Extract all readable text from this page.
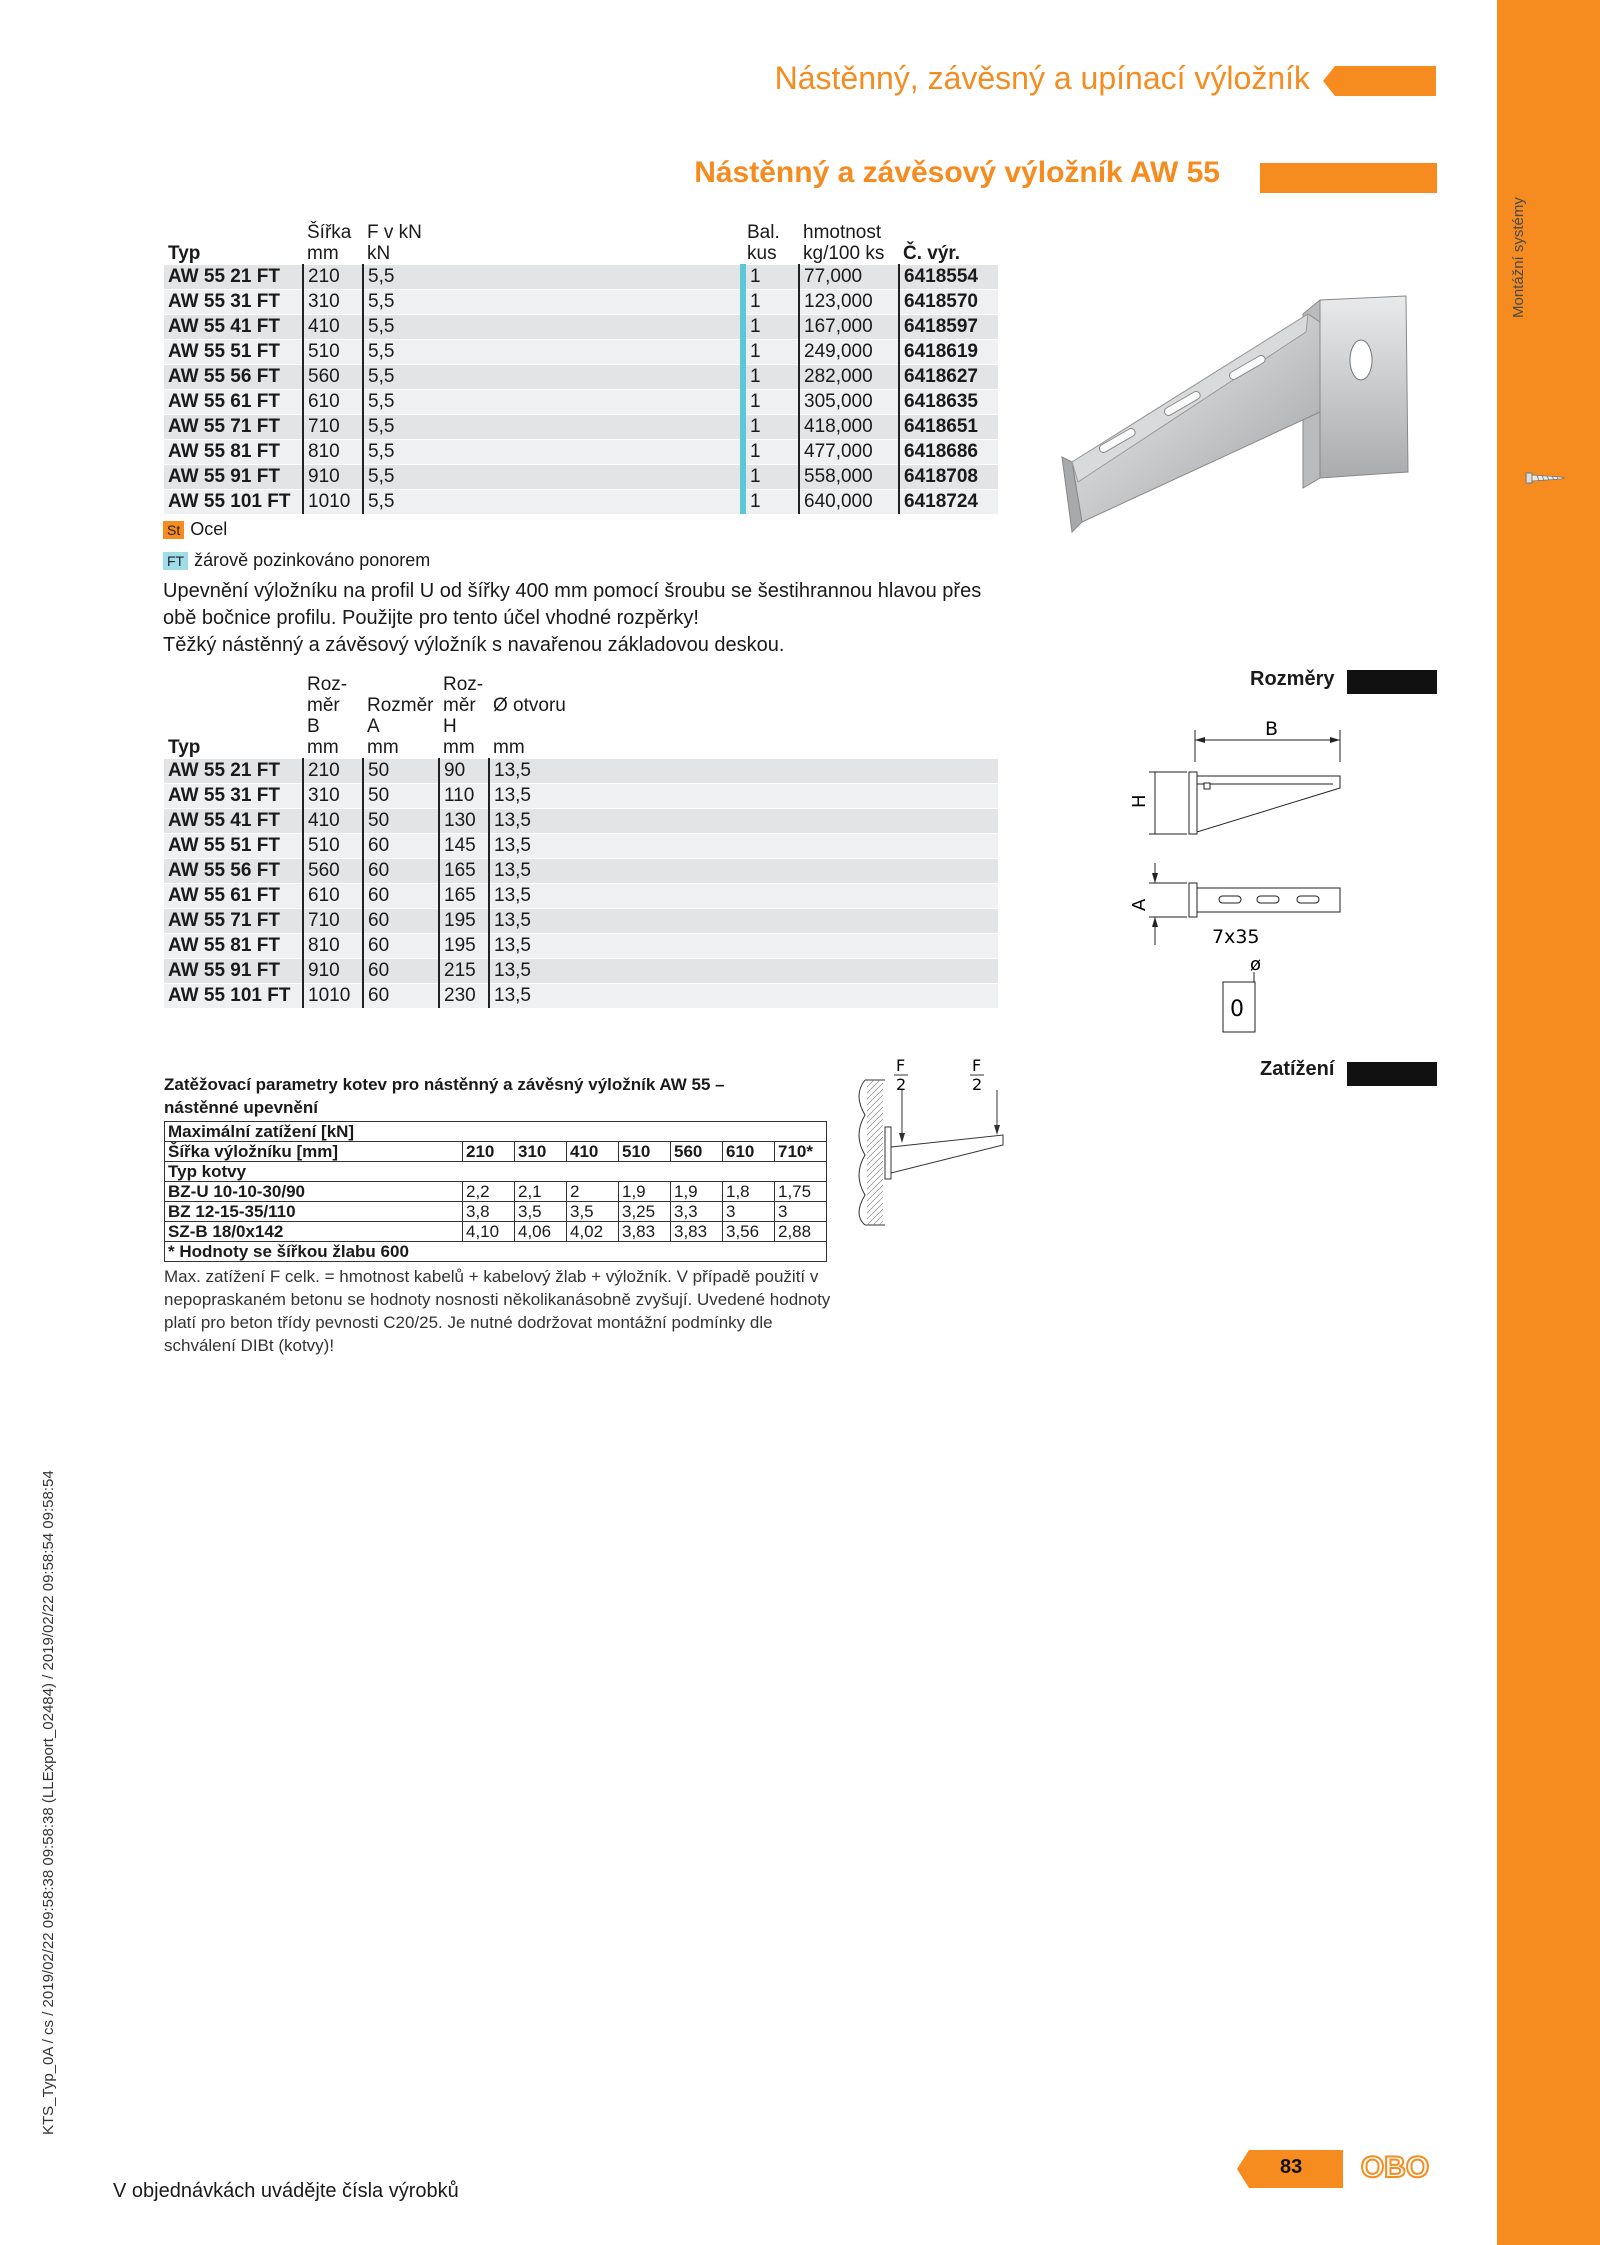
Montážní systémy
KTS_Typ_0A / cs / 2019/02/22 09:58:38 09:58:38 (LLExport_02484) / 2019/02/22 09:58:54 09:58:54
Nástěnný, závěsný a upínací výložník
Nástěnný a závěsový výložník AW 55
	Šířka	F v kN	Bal.	hmotnost	
Typ	mm	kN	kus	kg/100 ks	Č. výr.
AW 55 21 FT	210	5,5	1	77,000	6418554
AW 55 31 FT	310	5,5	1	123,000	6418570
AW 55 41 FT	410	5,5	1	167,000	6418597
AW 55 51 FT	510	5,5	1	249,000	6418619
AW 55 56 FT	560	5,5	1	282,000	6418627
AW 55 61 FT	610	5,5	1	305,000	6418635
AW 55 71 FT	710	5,5	1	418,000	6418651
AW 55 81 FT	810	5,5	1	477,000	6418686
AW 55 91 FT	910	5,5	1	558,000	6418708
AW 55 101 FT	1010	5,5	1	640,000	6418724
St Ocel
FT žárově pozinkováno ponorem
Upevnění výložníku na profil U od šířky 400 mm pomocí šroubu se šestihrannou hlavou přes obě bočnice profilu. Použijte pro tento účel vhodné rozpěrky!
Těžký nástěnný a závěsový výložník s navařenou základovou deskou.
Rozměry
	Roz-		Roz-	
	měr	Rozměr	měr	Ø otvoru
	B	A	H	
Typ	mm	mm	mm	mm
AW 55 21 FT	210	50	90	13,5
AW 55 31 FT	310	50	110	13,5
AW 55 41 FT	410	50	130	13,5
AW 55 51 FT	510	60	145	13,5
AW 55 56 FT	560	60	165	13,5
AW 55 61 FT	610	60	165	13,5
AW 55 71 FT	710	60	195	13,5
AW 55 81 FT	810	60	195	13,5
AW 55 91 FT	910	60	215	13,5
AW 55 101 FT	1010	60	230	13,5
B
H
A
7x35
ø
0
Zatížení
Zatěžovací parametry kotev pro nástěnný a závěsný výložník AW 55 – nástěnné upevnění
Maximální zatížení [kN]							
Šířka výložníku [mm]	210	310	410	510	560	610	710*
Typ kotvy							
BZ-U 10-10-30/90	2,2	2,1	2	1,9	1,9	1,8	1,75
BZ 12-15-35/110	3,8	3,5	3,5	3,25	3,3	3	3
SZ-B 18/0x142	4,10	4,06	4,02	3,83	3,83	3,56	2,88
* Hodnoty se šířkou žlabu 600							
F
2
F
2
Max. zatížení F celk. = hmotnost kabelů + kabelový žlab + výložník. V případě použití v nepopraskaném betonu se hodnoty nosnosti několikanásobně zvyšují. Uvedené hodnoty platí pro beton třídy pevnosti C20/25. Je nutné dodržovat montážní podmínky dle schválení DIBt (kotvy)!
V objednávkách uvádějte čísla výrobků
83 OBO
